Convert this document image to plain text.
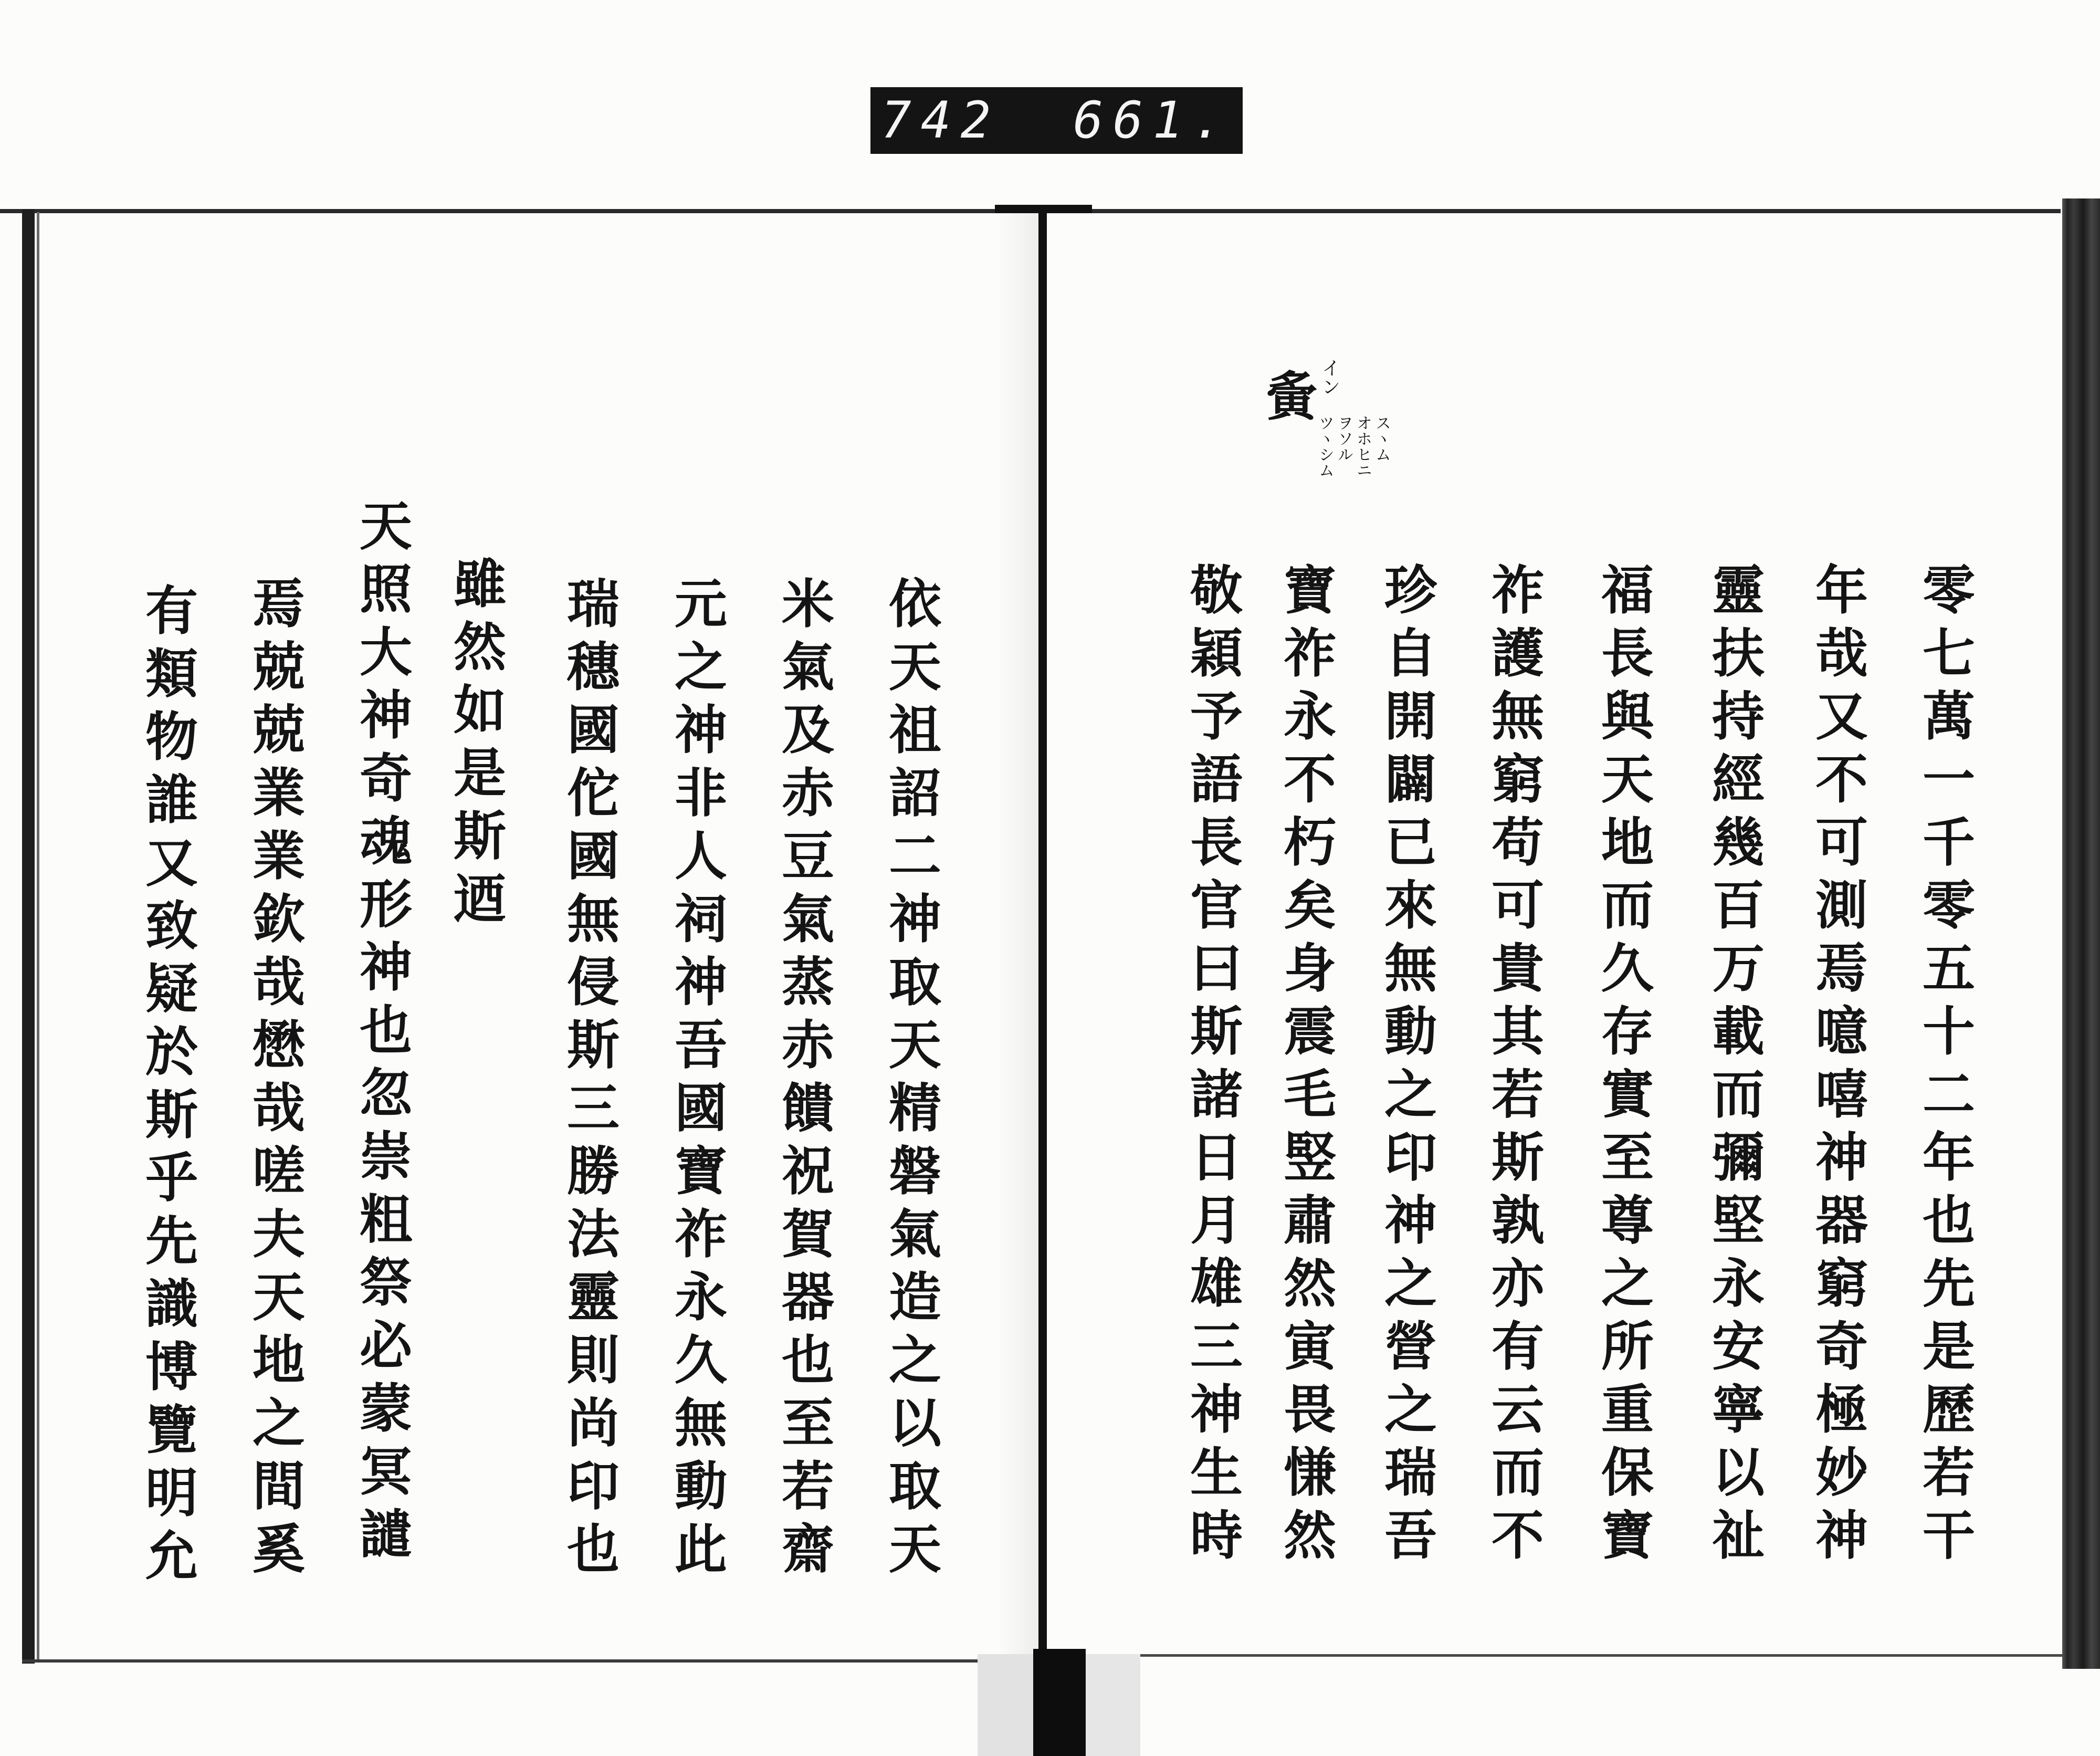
742 661.
夤 イン
スヽム
オホヒニ
ヲソル
ツヽシム
零七萬一千零五十二年也先是歷若干
年哉又不可測焉噫嘻神器窮奇極妙神
靈扶持經幾百万載而彌堅永安寧以祉
福長與天地而久存實至尊之所重保寶
祚護無窮苟可貴其若斯孰亦有云而不
珍自開闢已來無動之印神之營之瑞吾
寶祚永不朽矣身震毛竪肅然寅畏慊然
敬穎予語長官曰斯諸日月雄三神生時
依天祖詔二神取天精磐氣造之以取天
米氣及赤豆氣蒸赤饋祝賀器也至若齋
元之神非人祠神吾國寶祚永久無動此
瑞穗國佗國無侵斯三勝法靈則尚印也
雖然如是斯迺
天照大神奇魂形神也忽崇粗祭必蒙冥譴
焉兢兢業業欽哉懋哉嗟夫天地之間奚
有類物誰又致疑於斯乎先識博覽明允
